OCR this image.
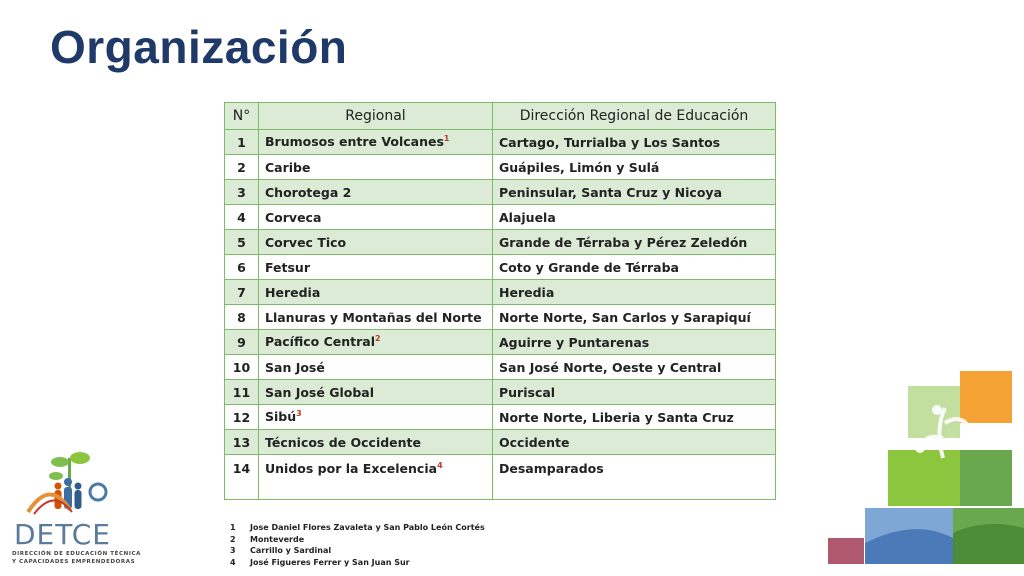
Organización
N°	Regional	Dirección Regional de Educación
1	Brumosos entre Volcanes$^1$	Cartago, Turrialba y Los Santos
2	Caribe	Guápiles, Limón y Sulá
3	Chorotega 2	Peninsular, Santa Cruz y Nicoya
4	Corveca	Alajuela
5	Corvec Tico	Grande de Térraba y Pérez Zeledón
6	Fetsur	Coto y Grande de Térraba
7	Heredia	Heredia
8	Llanuras y Montañas del Norte	Norte Norte, San Carlos y Sarapiquí
9	Pacífico Central$^2$	Aguirre y Puntarenas
10	San José	San José Norte, Oeste y Central
11	San José Global	Puriscal
12	Sibú$^3$	Norte Norte, Liberia y Santa Cruz
13	Técnicos de Occidente	Occidente
14	Unidos por la Excelencia$^4$	Desamparados
1 Jose Daniel Flores Zavaleta y San Pablo León Cortés
2 Monteverde
3 Carrillo y Sardinal
4 José Figueres Ferrer y San Juan Sur
DETCE
DIRECCIÓN DE EDUCACIÓN TÉCNICA
Y CAPACIDADES EMPRENDEDORAS
